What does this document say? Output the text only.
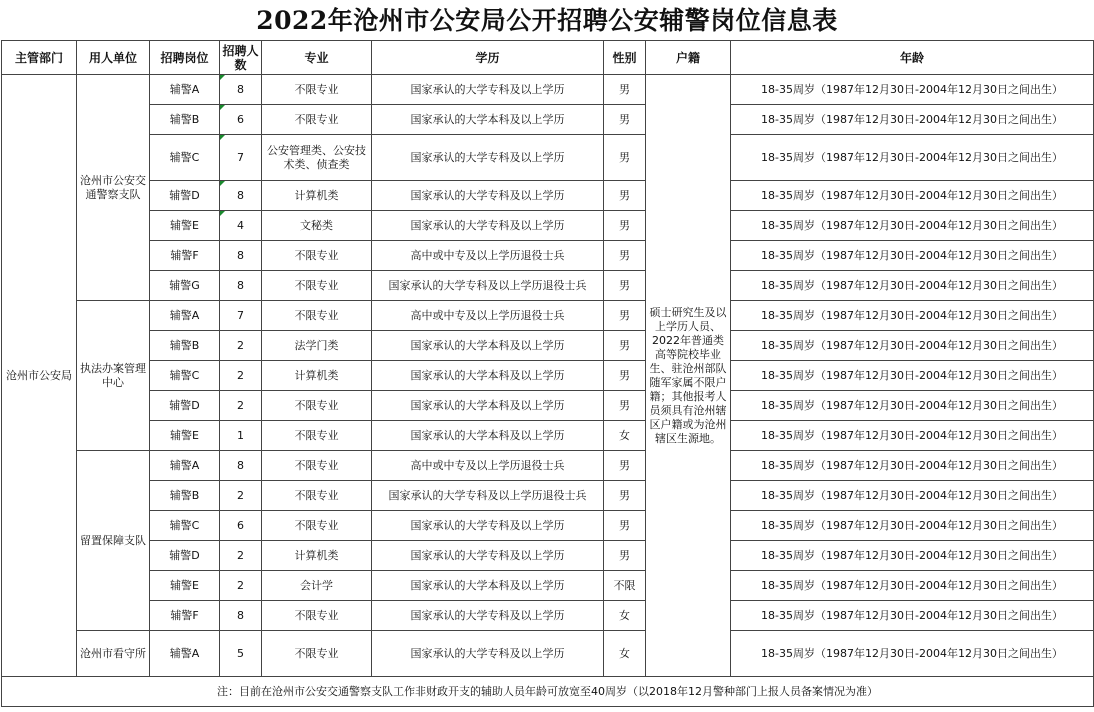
2022年沧州市公安局公开招聘公安辅警岗位信息表
主管部门	用人单位	招聘岗位	招聘人数	专业	学历	性别	户籍	年龄
沧州市公安局	沧州市公安交通警察支队	辅警A	8	不限专业	国家承认的大学专科及以上学历	男	硕士研究生及以上学历人员、2022年普通类高等院校毕业生、驻沧州部队随军家属不限户籍；其他报考人员须具有沧州辖区户籍或为沧州辖区生源地。	18-35周岁（1987年12月30日-2004年12月30日之间出生）
		辅警B	6	不限专业	国家承认的大学本科及以上学历	男		18-35周岁（1987年12月30日-2004年12月30日之间出生）
		辅警C	7	公安管理类、公安技术类、侦查类	国家承认的大学专科及以上学历	男		18-35周岁（1987年12月30日-2004年12月30日之间出生）
		辅警D	8	计算机类	国家承认的大学专科及以上学历	男		18-35周岁（1987年12月30日-2004年12月30日之间出生）
		辅警E	4	文秘类	国家承认的大学专科及以上学历	男		18-35周岁（1987年12月30日-2004年12月30日之间出生）
		辅警F	8	不限专业	高中或中专及以上学历退役士兵	男		18-35周岁（1987年12月30日-2004年12月30日之间出生）
		辅警G	8	不限专业	国家承认的大学专科及以上学历退役士兵	男		18-35周岁（1987年12月30日-2004年12月30日之间出生）
	执法办案管理中心	辅警A	7	不限专业	高中或中专及以上学历退役士兵	男		18-35周岁（1987年12月30日-2004年12月30日之间出生）
		辅警B	2	法学门类	国家承认的大学本科及以上学历	男		18-35周岁（1987年12月30日-2004年12月30日之间出生）
		辅警C	2	计算机类	国家承认的大学本科及以上学历	男		18-35周岁（1987年12月30日-2004年12月30日之间出生）
		辅警D	2	不限专业	国家承认的大学本科及以上学历	男		18-35周岁（1987年12月30日-2004年12月30日之间出生）
		辅警E	1	不限专业	国家承认的大学本科及以上学历	女		18-35周岁（1987年12月30日-2004年12月30日之间出生）
	留置保障支队	辅警A	8	不限专业	高中或中专及以上学历退役士兵	男		18-35周岁（1987年12月30日-2004年12月30日之间出生）
		辅警B	2	不限专业	国家承认的大学专科及以上学历退役士兵	男		18-35周岁（1987年12月30日-2004年12月30日之间出生）
		辅警C	6	不限专业	国家承认的大学专科及以上学历	男		18-35周岁（1987年12月30日-2004年12月30日之间出生）
		辅警D	2	计算机类	国家承认的大学专科及以上学历	男		18-35周岁（1987年12月30日-2004年12月30日之间出生）
		辅警E	2	会计学	国家承认的大学本科及以上学历	不限		18-35周岁（1987年12月30日-2004年12月30日之间出生）
		辅警F	8	不限专业	国家承认的大学专科及以上学历	女		18-35周岁（1987年12月30日-2004年12月30日之间出生）
	沧州市看守所	辅警A	5	不限专业	国家承认的大学专科及以上学历	女		18-35周岁（1987年12月30日-2004年12月30日之间出生）
注：目前在沧州市公安交通警察支队工作非财政开支的辅助人员年龄可放宽至40周岁（以2018年12月警种部门上报人员备案情况为准）								
